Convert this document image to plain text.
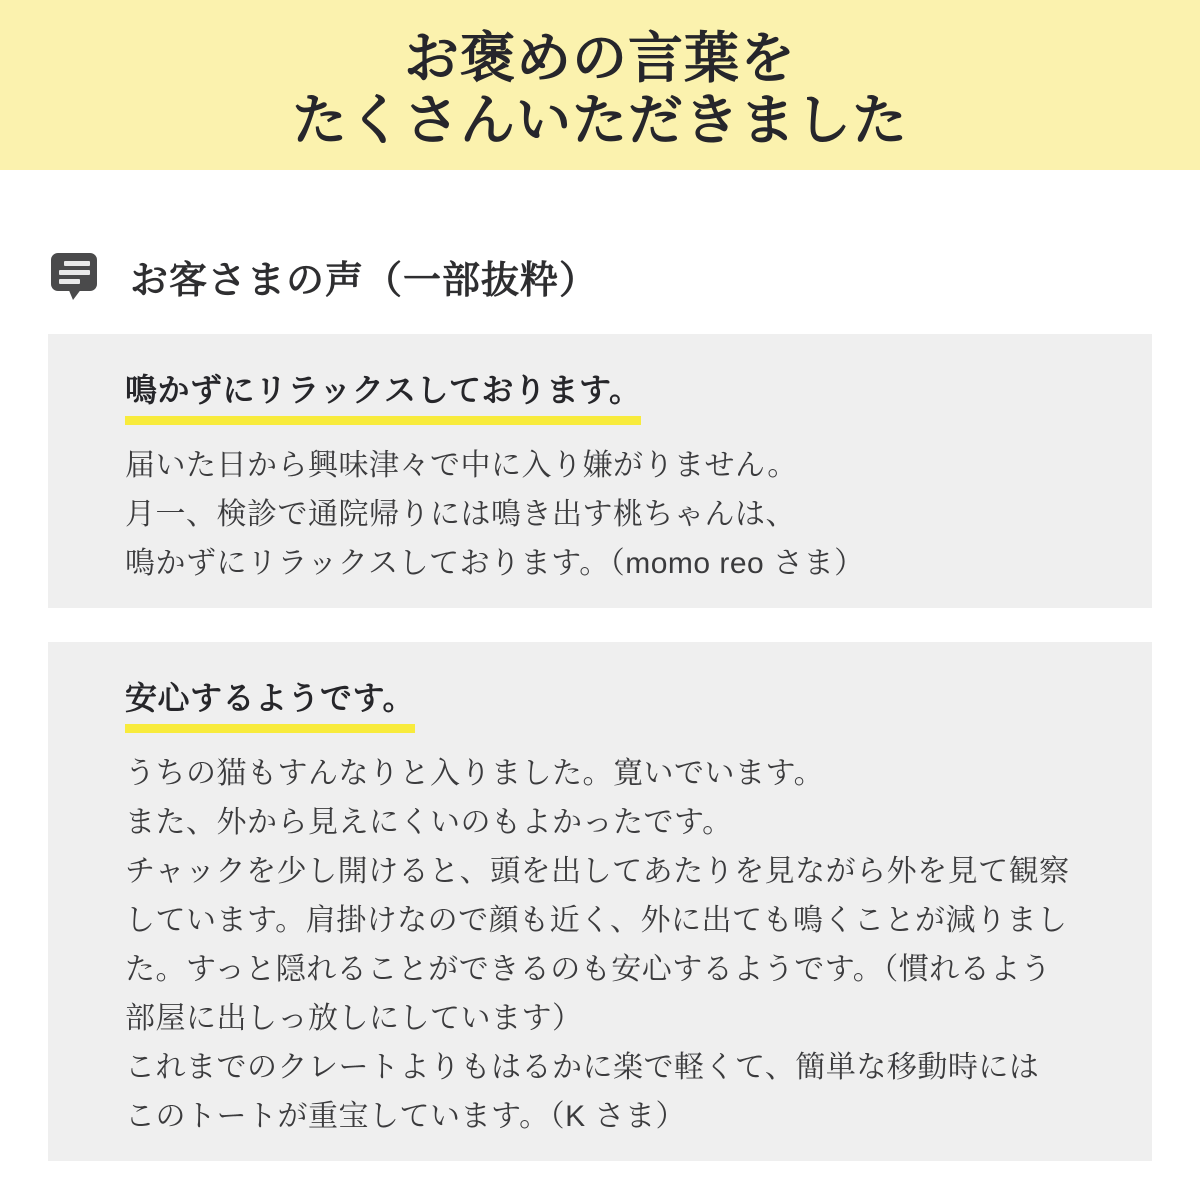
お褒めの言葉を
たくさんいただきました
お客さまの声（一部抜粋）
鳴かずにリラックスしております。
届いた日から興味津々で中に入り嫌がりません。
月一、検診で通院帰りには鳴き出す桃ちゃんは、
鳴かずにリラックスしております。（momo reo さま）
安心するようです。
うちの猫もすんなりと入りました。寛いでいます。
また、外から見えにくいのもよかったです。
チャックを少し開けると、頭を出してあたりを見ながら外を見て観察
しています。肩掛けなので顔も近く、外に出ても鳴くことが減りまし
た。すっと隠れることができるのも安心するようです。（慣れるよう
部屋に出しっ放しにしています）
これまでのクレートよりもはるかに楽で軽くて、簡単な移動時には
このトートが重宝しています。（K さま）
